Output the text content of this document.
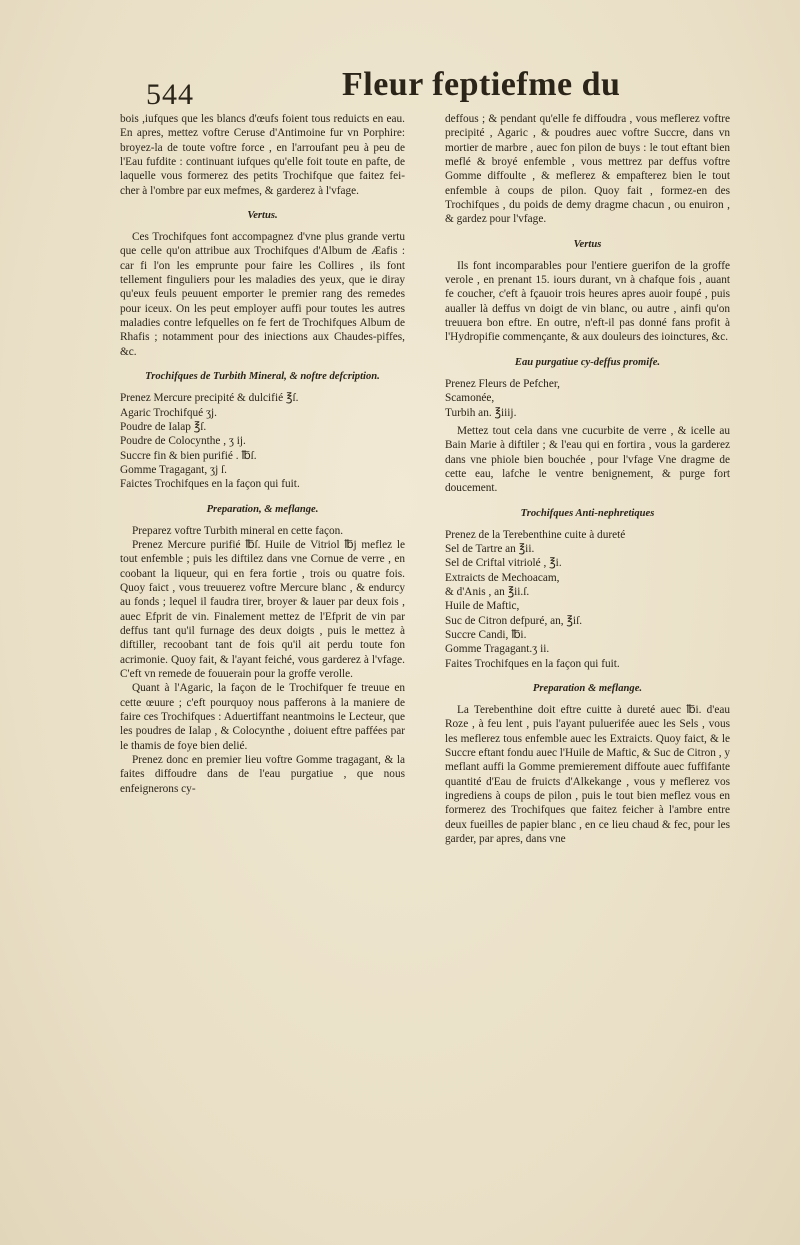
544	Fleur feptiefme du

bois ,iufques que les blancs d'œufs foient tous reduicts en eau. En apres, mettez voftre Ceruse d'Antimoine fur vn Porphire: broyez-la de toute voftre force , en l'arroufant peu à peu de l'Eau fufdite : continuant iufques qu'elle foit toute en pafte, de laquelle vous formerez des petits Trochifque que faitez fei- cher à l'ombre par eux mefmes, & garderez à l'vfage.

Vertus.

Ces Trochifques font accompagnez d'vne plus grande vertu que celle qu'on attribue aux Trochifques d'Album de Æafis : car fi l'on les emprunte pour faire les Collires , ils font tellement finguliers pour les maladies des yeux, que ie diray qu'eux feuls peuuent emporter le premier rang des remedes pour iceux. On les peut employer auffi pour toutes les autres maladies contre lefquelles on fe fert de Trochifques Album de Rhafis ; notamment pour des iniections aux Chaudes-piffes, &c.

Trochifques de Turbith Mineral, & noftre defcription.
Prenez Mercure precipité & dulcifié ℥ſ.
Agaric Trochifqué ʒj.
Poudre de Ialap ℥ſ.
Poudre de Colocynthe , ʒ ij.
Succre fin & bien purifié . ℔ſ.
Gomme Tragagant, ʒj ſ.
Faictes Trochifques en la façon qui fuit.
Preparation, & meflange.

Preparez voftre Turbith mineral en cette façon.

Prenez Mercure purifié ℔ſ. Huile de Vitriol ℔j meflez le tout enfemble ; puis les diftilez dans vne Cornue de verre , en coobant la liqueur, qui en fera fortie , trois ou quatre fois. Quoy faict , vous treuuerez voftre Mercure blanc , & endurcy au fonds ; lequel il faudra tirer, broyer & lauer par deux fois , auec Efprit de vin. Finalement mettez de l'Efprit de vin par deffus tant qu'il furnage des deux doigts , puis le mettez à diftiller, recoobant tant de fois qu'il ait perdu toute fon acrimonie. Quoy fait, & l'ayant feiché, vous garderez à l'vfage. C'eft vn remede de fouuerain pour la groffe verolle.

Quant à l'Agaric, la façon de le Trochifquer fe treuue en cette œuure ; c'eft pourquoy nous pafferons à la maniere de faire ces Trochifques : Aduertiffant neantmoins le Lecteur, que les poudres de Ialap , & Colocynthe , doiuent eftre paffées par le thamis de foye bien delié.

Prenez donc en premier lieu voftre Gomme tragagant, & la faites diffoudre dans de l'eau purgatiue , que nous enfeignerons cy-

deffous ; & pendant qu'elle fe diffoudra , vous meflerez voftre precipité , Agaric , & poudres auec voftre Succre, dans vn mortier de marbre , auec fon pilon de buys : le tout eftant bien meflé & broyé enfemble , vous mettrez par deffus voftre Gomme diffoulte , & meflerez & empafterez bien le tout enfemble à coups de pilon. Quoy fait , formez-en des Trochifques , du poids de demy dragme chacun , ou enuiron , & gardez pour l'vfage.

Vertus

Ils font incomparables pour l'entiere guerifon de la groffe verole , en prenant 15. iours durant, vn à chafque fois , auant fe coucher, c'eft à fçauoir trois heures apres auoir foupé , puis aualler là deffus vn doigt de vin blanc, ou autre , ainfi qu'on treuuera bon eftre. En outre, n'eft-il pas donné fans profit à l'Hydropifie commençante, & aux douleurs des ioinctures, &c.

Eau purgatiue cy-deffus promife.
Prenez Fleurs de Pefcher,
Scamonée,
Turbih an. ℥iiij.

Mettez tout cela dans vne cucurbite de verre , & icelle au Bain Marie à diftiler ; & l'eau qui en fortira , vous la garderez dans vne phiole bien bouchée , pour l'vfage Vne dragme de cette eau, lafche le ventre benignement, & purge fort doucement.

Trochifques Anti-nephretiques
Prenez de la Terebenthine cuite à dureté
Sel de Tartre an ℥ii.
Sel de Criftal vitriolé , ℥i.
Extraicts de Mechoacam,
& d'Anis , an ℥ii.ſ.
Huile de Maftic,
Suc de Citron defpuré, an, ℥iſ.
Succre Candi, ℔i.
Gomme Tragagant.ʒ ii.
Faites Trochifques en la façon qui fuit.
Preparation & meflange.

La Terebenthine doit eftre cuitte à dureté auec ℔i. d'eau Roze , à feu lent , puis l'ayant puluerifée auec les Sels , vous les meflerez tous enfemble auec les Extraicts. Quoy faict, & le Succre eftant fondu auec l'Huile de Maftic, & Suc de Citron , y meflant auffi la Gomme premierement diffoute auec fuffifante quantité d'Eau de fruicts d'Alkekange , vous y meflerez vos ingrediens à coups de pilon , puis le tout bien meflez vous en formerez des Trochifques que faitez feicher à l'ambre entre deux fueilles de papier blanc , en ce lieu chaud & fec, pour les garder, par apres, dans vne
